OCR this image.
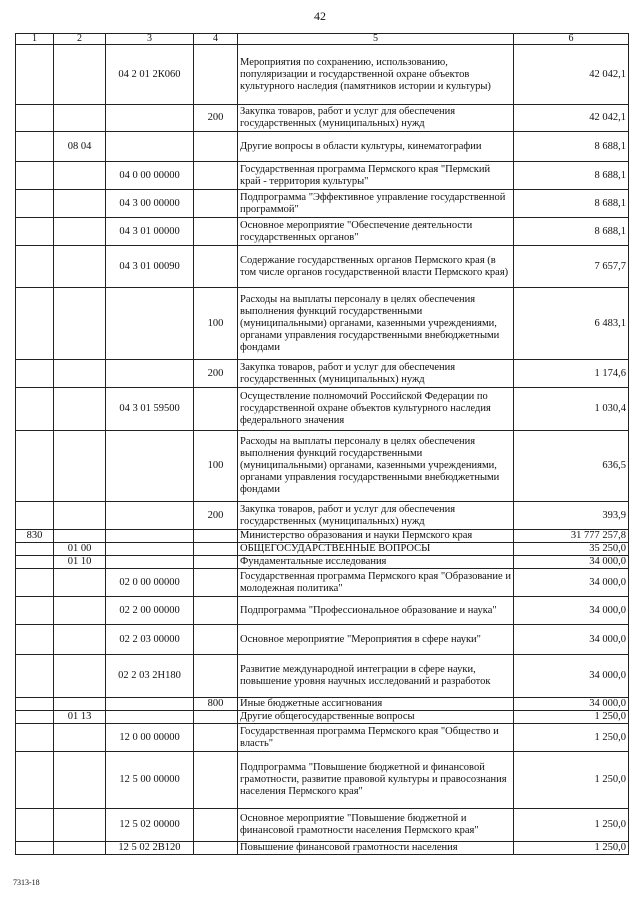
42
1	2	3	4	5	6
		04 2 01 2К060		Мероприятия по сохранению, использованию, популяризации и государственной охране объектов культурного наследия (памятников истории и культуры)	42 042,1
			200	Закупка товаров, работ и услуг для обеспечения государственных (муниципальных) нужд	42 042,1
	08 04			Другие вопросы в области культуры, кинематографии	8 688,1
		04 0 00 00000		Государственная программа Пермского края "Пермский край - территория культуры"	8 688,1
		04 3 00 00000		Подпрограмма "Эффективное управление государственной программой"	8 688,1
		04 3 01 00000		Основное мероприятие "Обеспечение деятельности государственных органов"	8 688,1
		04 3 01 00090		Содержание государственных органов Пермского края (в том числе органов государственной власти Пермского края)	7 657,7
			100	Расходы на выплаты персоналу в целях обеспечения выполнения функций государственными (муниципальными) органами, казенными учреждениями, органами управления государственными внебюджетными фондами	6 483,1
			200	Закупка товаров, работ и услуг для обеспечения государственных (муниципальных) нужд	1 174,6
		04 3 01 59500		Осуществление полномочий Российской Федерации по государственной охране объектов культурного наследия федерального значения	1 030,4
			100	Расходы на выплаты персоналу в целях обеспечения выполнения функций государственными (муниципальными) органами, казенными учреждениями, органами управления государственными внебюджетными фондами	636,5
			200	Закупка товаров, работ и услуг для обеспечения государственных (муниципальных) нужд	393,9
830				Министерство образования и науки Пермского края	31 777 257,8
	01 00			ОБЩЕГОСУДАРСТВЕННЫЕ ВОПРОСЫ	35 250,0
	01 10			Фундаментальные исследования	34 000,0
		02 0 00 00000		Государственная программа Пермского края "Образование и молодежная политика"	34 000,0
		02 2 00 00000		Подпрограмма "Профессиональное образование и наука"	34 000,0
		02 2 03 00000		Основное мероприятие "Мероприятия в сфере науки"	34 000,0
		02 2 03 2Н180		Развитие международной интеграции в сфере науки, повышение уровня научных исследований и разработок	34 000,0
			800	Иные бюджетные ассигнования	34 000,0
	01 13			Другие общегосударственные вопросы	1 250,0
		12 0 00 00000		Государственная программа Пермского края "Общество и власть"	1 250,0
		12 5 00 00000		Подпрограмма "Повышение бюджетной и финансовой грамотности, развитие правовой культуры и правосознания населения Пермского края"	1 250,0
		12 5 02 00000		Основное мероприятие "Повышение бюджетной и финансовой грамотности населения Пермского края"	1 250,0
		12 5 02 2В120		Повышение финансовой грамотности населения	1 250,0
7313-18
